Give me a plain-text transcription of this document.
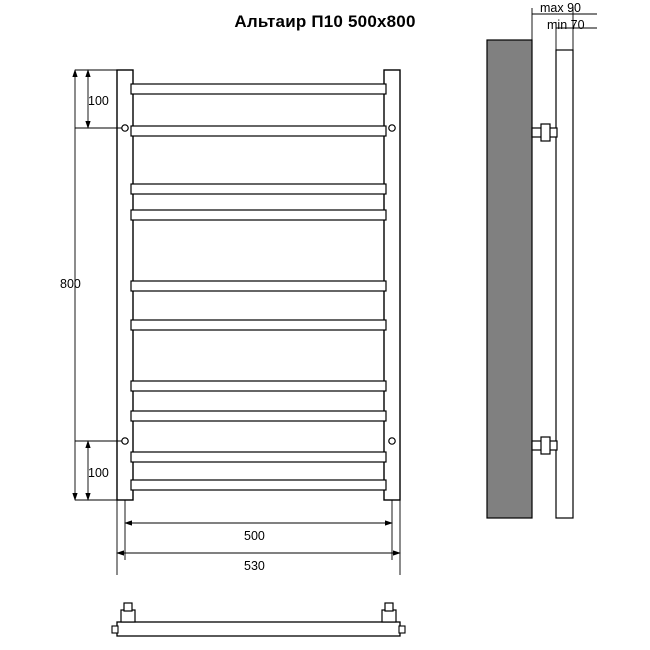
Альтаир П10 500x800
100
800
100
500
530
max 90
min 70
